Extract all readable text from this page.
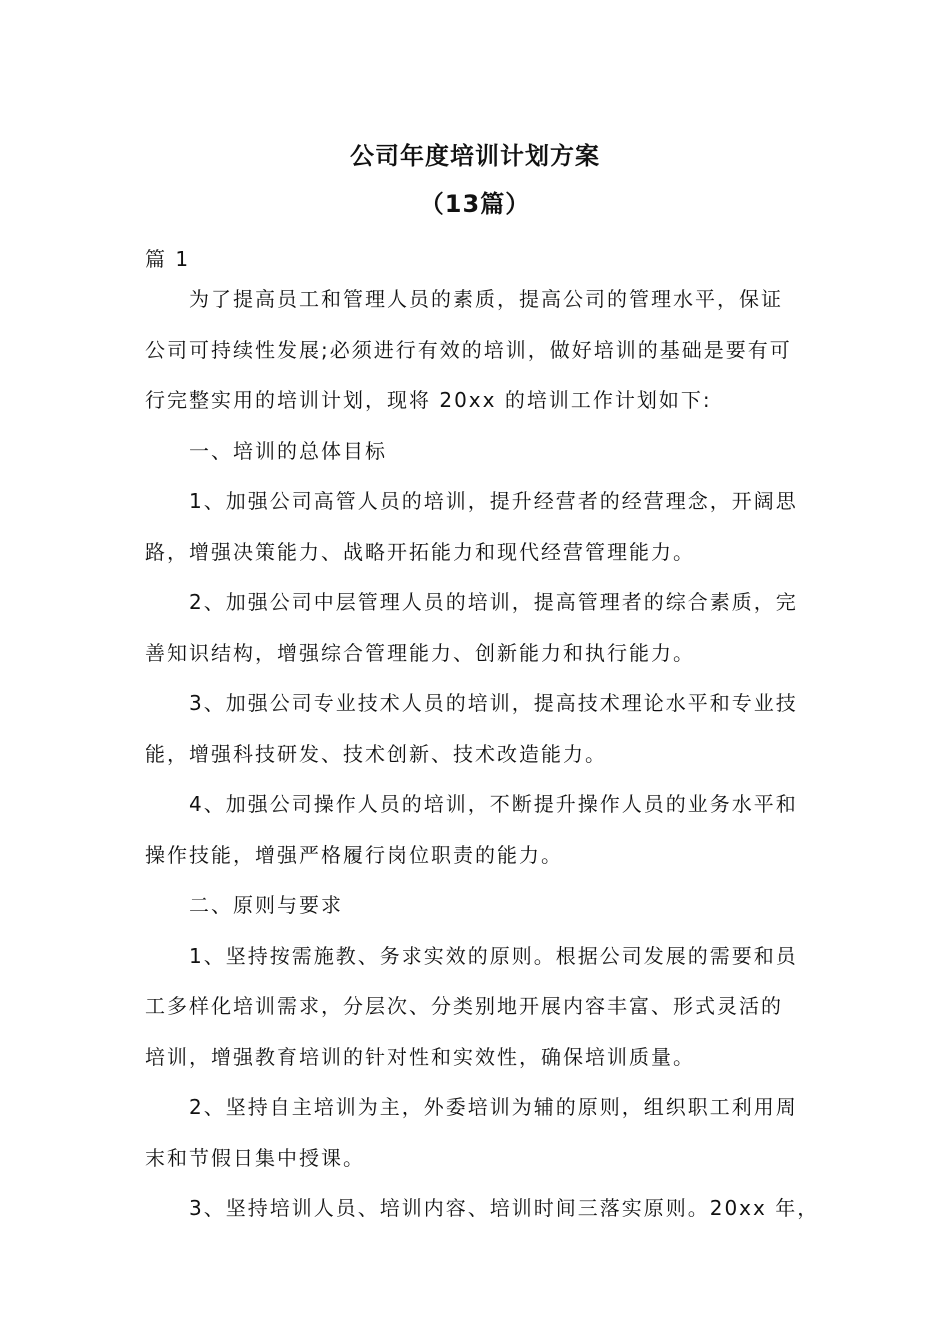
公司年度培训计划方案
（13篇）
篇 1
为了提高员工和管理人员的素质，提高公司的管理水平，保证
公司可持续性发展;必须进行有效的培训，做好培训的基础是要有可
行完整实用的培训计划，现将 20xx 的培训工作计划如下:
一、培训的总体目标
1、加强公司高管人员的培训，提升经营者的经营理念，开阔思
路，增强决策能力、战略开拓能力和现代经营管理能力。
2、加强公司中层管理人员的培训，提高管理者的综合素质，完
善知识结构，增强综合管理能力、创新能力和执行能力。
3、加强公司专业技术人员的培训，提高技术理论水平和专业技
能，增强科技研发、技术创新、技术改造能力。
4、加强公司操作人员的培训，不断提升操作人员的业务水平和
操作技能，增强严格履行岗位职责的能力。
二、原则与要求
1、坚持按需施教、务求实效的原则。根据公司发展的需要和员
工多样化培训需求，分层次、分类别地开展内容丰富、形式灵活的
培训，增强教育培训的针对性和实效性，确保培训质量。
2、坚持自主培训为主，外委培训为辅的原则，组织职工利用周
末和节假日集中授课。
3、坚持培训人员、培训内容、培训时间三落实原则。20xx 年，
